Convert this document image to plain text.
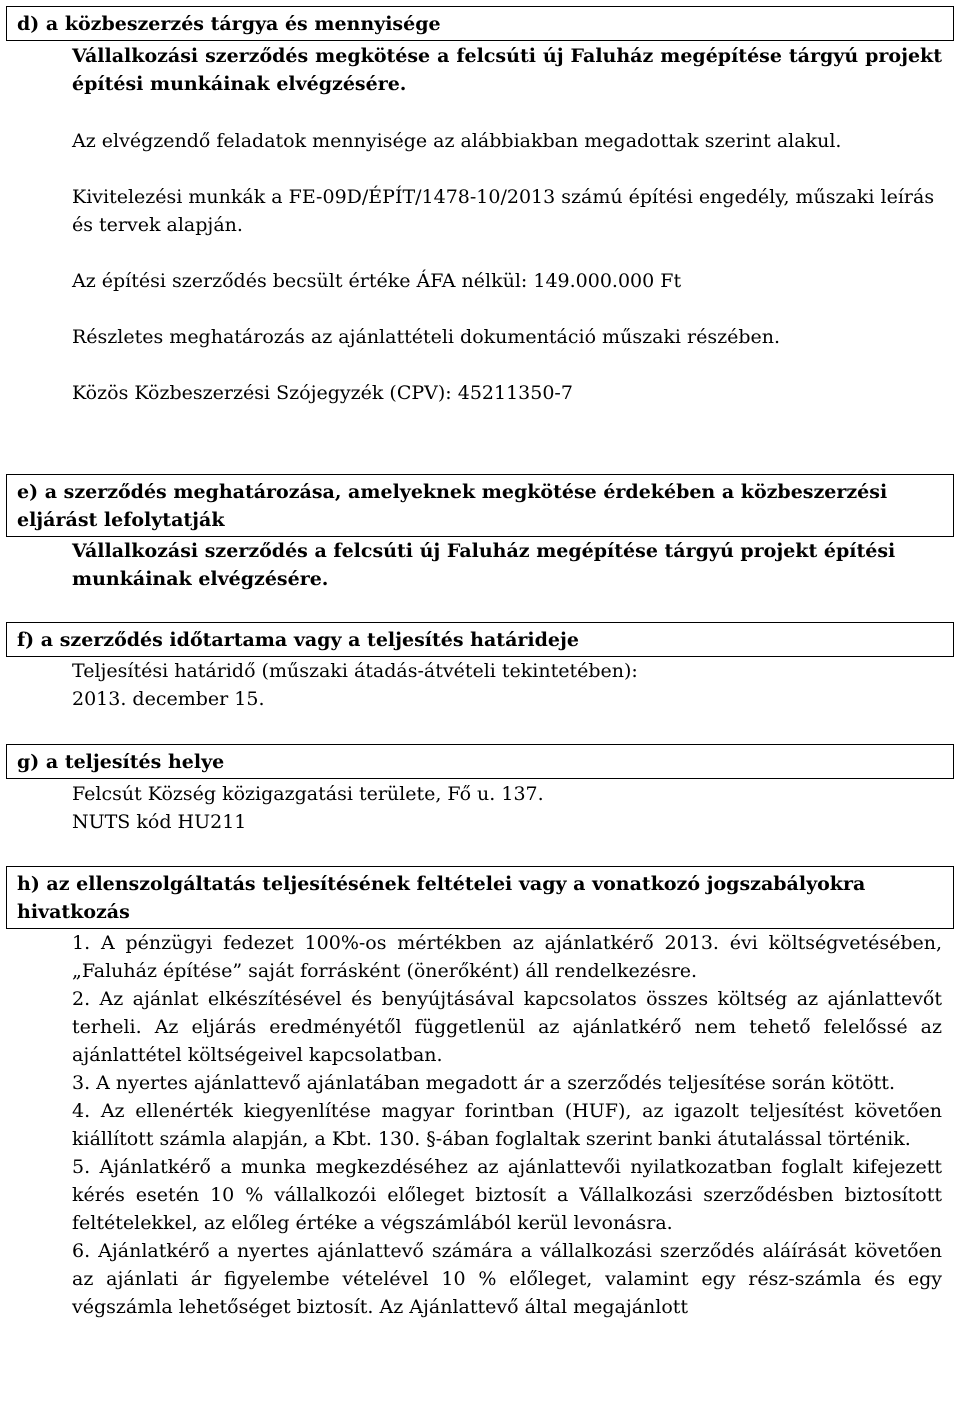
d) a közbeszerzés tárgya és mennyisége

Vállalkozási szerződés megkötése a felcsúti új Faluház megépítése tárgyú projekt építési munkáinak elvégzésére.

Az elvégzendő feladatok mennyisége az alábbiakban megadottak szerint alakul.

Kivitelezési munkák a FE-09D/ÉPÍT/1478-10/2013 számú építési engedély, műszaki leírás és tervek alapján.

Az építési szerződés becsült értéke ÁFA nélkül: 149.000.000 Ft

Részletes meghatározás az ajánlattételi dokumentáció műszaki részében.

Közös Közbeszerzési Szójegyzék (CPV): 45211350-7

e) a szerződés meghatározása, amelyeknek megkötése érdekében a közbeszerzési eljárást lefolytatják

Vállalkozási szerződés a felcsúti új Faluház megépítése tárgyú projekt építési munkáinak elvégzésére.

f) a szerződés időtartama vagy a teljesítés határideje

Teljesítési határidő (műszaki átadás-átvételi tekintetében):

2013. december 15.

g) a teljesítés helye

Felcsút Község közigazgatási területe, Fő u. 137.

NUTS kód HU211

h) az ellenszolgáltatás teljesítésének feltételei vagy a vonatkozó jogszabályokra hivatkozás

1. A pénzügyi fedezet 100%-os mértékben az ajánlatkérő 2013. évi költségvetésében, „Faluház építése” saját forrásként (önerőként) áll rendelkezésre.

2. Az ajánlat elkészítésével és benyújtásával kapcsolatos összes költség az ajánlattevőt terheli. Az eljárás eredményétől függetlenül az ajánlatkérő nem tehető felelőssé az ajánlattétel költségeivel kapcsolatban.

3. A nyertes ajánlattevő ajánlatában megadott ár a szerződés teljesítése során kötött.

4. Az ellenérték kiegyenlítése magyar forintban (HUF), az igazolt teljesítést követően kiállított számla alapján, a Kbt. 130. §-ában foglaltak szerint banki átutalással történik.

5. Ajánlatkérő a munka megkezdéséhez az ajánlattevői nyilatkozatban foglalt kifejezett kérés esetén 10 % vállalkozói előleget biztosít a Vállalkozási szerződésben biztosított feltételekkel, az előleg értéke a végszámlából kerül levonásra.

6. Ajánlatkérő a nyertes ajánlattevő számára a vállalkozási szerződés aláírását követően az ajánlati ár figyelembe vételével 10 % előleget, valamint egy rész-számla és egy végszámla lehetőséget biztosít. Az Ajánlattevő által megajánlott
